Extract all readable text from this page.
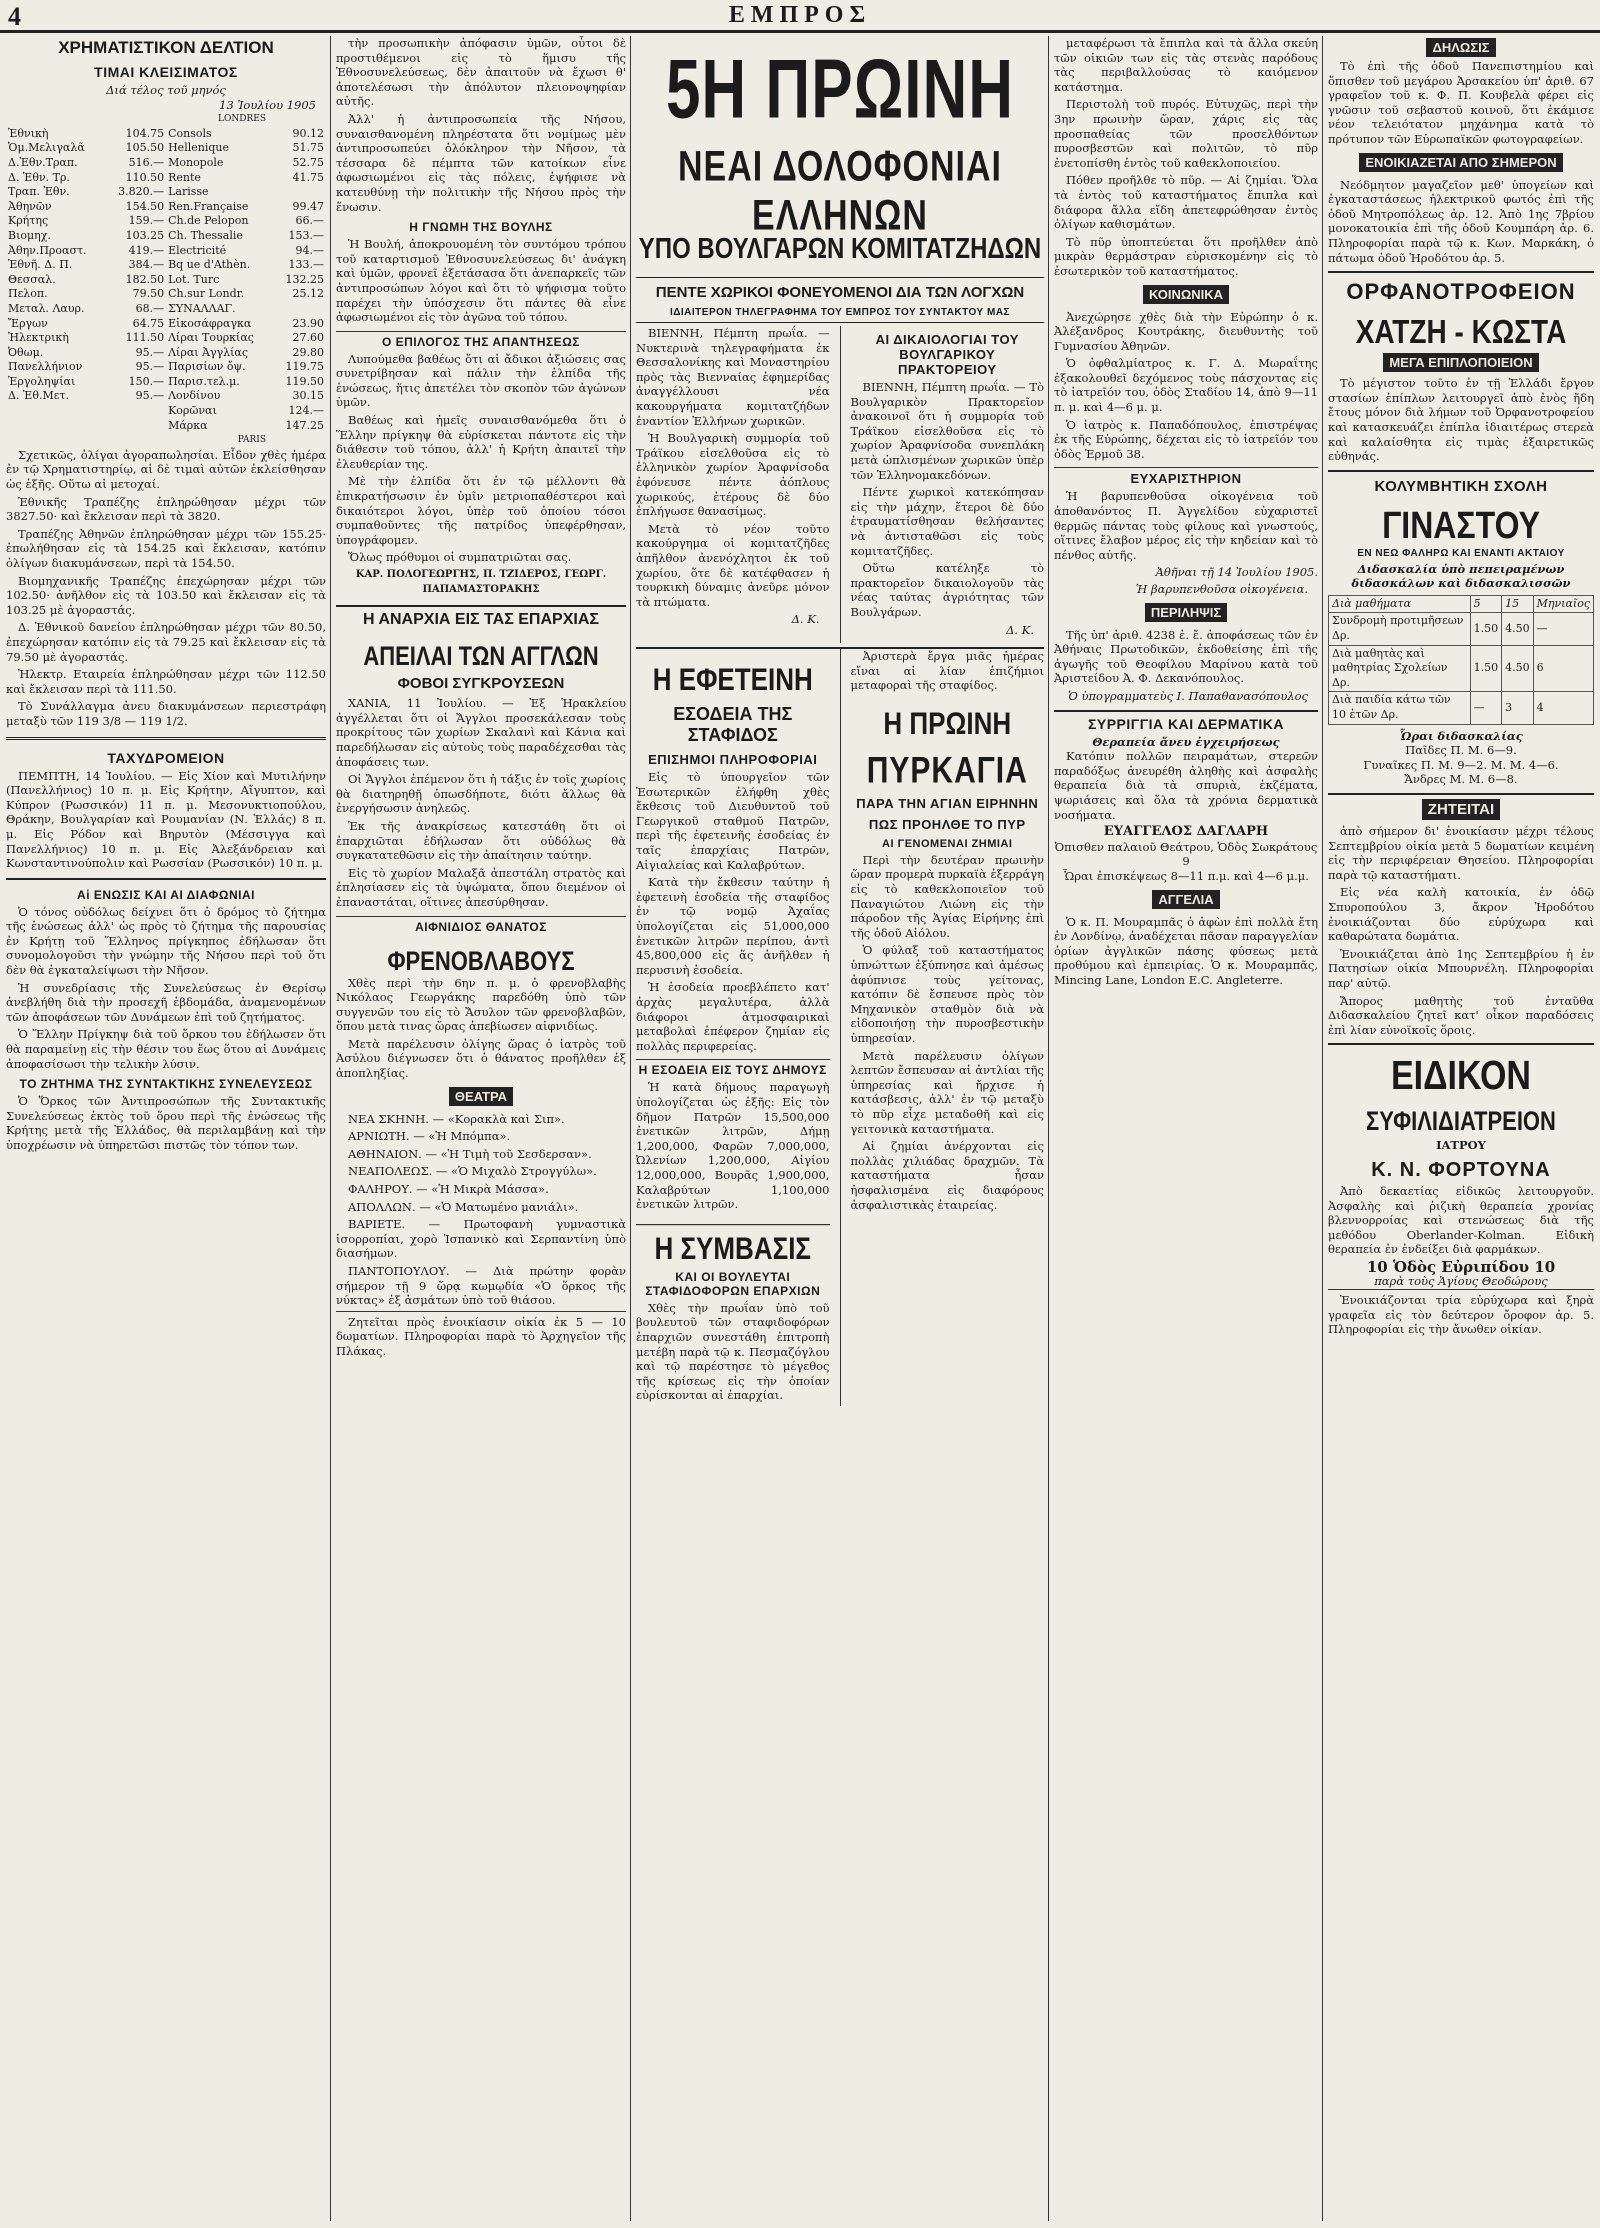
4	ΕΜΠΡΟΣ
ΧΡΗΜΑΤΙΣΤΙΚΟΝ ΔΕΛΤΙΟΝ
ΤΙΜΑΙ ΚΛΕΙΣΙΜΑΤΟΣ
Διά τέλος τοῦ μηνός
13 Ἰουλίου 1905
LONDRES
Ἐθνικὴ	104.75	Consols	90.12
Ὁμ.Μελιγαλᾶ	105.50	Hellenique	51.75
Δ.Ἐθν.Τραπ.	516.—	Monopole	52.75
Δ. Ἐθν. Τρ.	110.50	Rente	41.75
Τραπ. Ἐθν.	3.820.—	Larisse	
Ἀθηνῶν	154.50	Ren.Française	99.47
Κρήτης	159.—	Ch.de Pelopon	66.—
Βιομηχ.	103.25	Ch. Thessalie	153.—
Ἀθην.Προαστ.	419.—	Electricité	94.—
Ἐθνῆ. Δ. Π.	384.—	Bq ue d'Athèn.	133.—
Θεσσαλ.	182.50	Lot. Turc	132.25
Πελοπ.	79.50	Ch.sur Londr.	25.12
Μεταλ. Λαυρ.	68.—	ΣΥΝΑΛΛΑΓ.	
Ἔργων	64.75	Εἰκοσάφραγκα	23.90
Ἠλεκτρικὴ	111.50	Λίραι Τουρκίας	27.60
Ὀθωμ.	95.—	Λίραι Ἀγγλίας	29.80
Πανελλήνιον	95.—	Παρισίων ὄψ.	119.75
Ἐργοληψίαι	150.—	Παρισ.τελ.μ.	119.50
Δ. Ἐθ.Μετ.	95.—	Λονδίνου	30.15
		Κορῶναι	124.—
		Μάρκα	147.25
PARIS

Σχετικῶς, ὀλίγαι ἀγοραπωλησίαι. Εἶδον χθὲς ἡμέρα ἐν τῷ Χρηματιστηρίῳ, αἱ δὲ τιμαὶ αὐτῶν ἐκλείσθησαν ὡς ἑξῆς. Οὕτω αἱ μετοχαί.

Ἐθνικῆς Τραπέζης ἐπληρώθησαν μέχρι τῶν 3827.50· καὶ ἔκλεισαν περὶ τὰ 3820.

Τραπέζης Ἀθηνῶν ἐπληρώθησαν μέχρι τῶν 155.25· ἐπωλήθησαν εἰς τὰ 154.25 καὶ ἔκλεισαν, κατόπιν ὀλίγων διακυμάνσεων, περὶ τὰ 154.50.

Βιομηχανικῆς Τραπέζης ἐπεχώρησαν μέχρι τῶν 102.50· ἀνῆλθον εἰς τὰ 103.50 καὶ ἔκλεισαν εἰς τὰ 103.25 μὲ ἀγοραστάς.

Δ. Ἐθνικοῦ δανείου ἐπληρώθησαν μέχρι τῶν 80.50, ἐπεχώρησαν κατόπιν εἰς τὰ 79.25 καὶ ἔκλεισαν εἰς τὰ 79.50 μὲ ἀγοραστάς.

Ἠλεκτρ. Εταιρεία ἐπληρώθησαν μέχρι τῶν 112.50 καὶ ἔκλεισαν περὶ τὰ 111.50.

Τὸ Συνάλλαγμα ἀνευ διακυμάνσεων περιεστράφη μεταξὺ τῶν 119 3/8 — 119 1/2.

ΤΑΧΥΔΡΟΜΕΙΟΝ

ΠΕΜΠΤΗ, 14 Ἰουλίου. — Εἰς Χίον καὶ Μυτιλήνην (Πανελλήνιος) 10 π. μ. Εἰς Κρήτην, Αἴγυπτον, καὶ Κύπρον (Ρωσσικόν) 11 π. μ. Μεσονυκτιοπούλου, Θράκην, Βουλγαρίαν καὶ Ρουμανίαν (Ν. Ἑλλάς) 8 π. μ. Εἰς Ρόδον καὶ Βηρυτὸν (Μέσσιγγα καὶ Πανελλήνιος) 10 π. μ. Εἰς Ἀλεξάνδρειαν καὶ Κωνσταντινούπολιν καὶ Ρωσσίαν (Ρωσσικόν) 10 π. μ.

Αἱ ΕΝΩΣΙΣ ΚΑΙ ΑΙ ΔΙΑΦΩΝΙΑΙ

Ὁ τόνος οὐδόλως δείχνει ὅτι ὁ δρόμος τὸ ζήτημα τῆς ἑνώσεως ἀλλ' ὡς πρὸς τὸ ζήτημα τῆς παρουσίας ἐν Κρήτῃ τοῦ Ἕλληνος πρίγκηπος ἐδήλωσαν ὅτι συνομολογοῦσι τὴν γνώμην τῆς Νήσου περὶ τοῦ ὅτι δὲν θὰ ἐγκαταλείψωσι τὴν Νῆσον.

Ἡ συνεδρίασις τῆς Συνελεύσεως ἐν Θερίσῳ ἀνεβλήθη διὰ τὴν προσεχῆ ἑβδομάδα, ἀναμενομένων τῶν ἀποφάσεων τῶν Δυνάμεων ἐπὶ τοῦ ζητήματος.

Ὁ Ἕλλην Πρίγκηψ διὰ τοῦ ὅρκου του ἐδήλωσεν ὅτι θὰ παραμείνῃ εἰς τὴν θέσιν του ἕως ὅτου αἱ Δυνάμεις ἀποφασίσωσι τὴν τελικὴν λύσιν.

ΤΟ ΖΗΤΗΜΑ ΤΗΣ ΣΥΝΤΑΚΤΙΚΗΣ ΣΥΝΕΛΕΥΣΕΩΣ

Ὁ Ὅρκος τῶν Ἀντιπροσώπων τῆς Συντακτικῆς Συνελεύσεως ἐκτὸς τοῦ ὅρου περὶ τῆς ἐνώσεως τῆς Κρήτης μετὰ τῆς Ἑλλάδος, θὰ περιλαμβάνῃ καὶ τὴν ὑποχρέωσιν νὰ ὑπηρετῶσι πιστῶς τὸν τόπον των.

τὴν προσωπικὴν ἀπόφασιν ὑμῶν, οὗτοι δὲ προστιθέμενοι εἰς τὸ ἥμισυ τῆς Ἐθνοσυνελεύσεως, δὲν ἀπαιτοῦν νὰ ἔχωσι θ' ἀποτελέσωσι τὴν ἀπόλυτον πλειονοψηφίαν αὐτῆς.

Ἀλλ' ἡ ἀντιπροσωπεία τῆς Νήσου, συναισθανομένη πληρέστατα ὅτι νομίμως μὲν ἀντιπροσωπεύει ὁλόκληρον τὴν Νῆσον, τὰ τέσσαρα δὲ πέμπτα τῶν κατοίκων εἶνε ἀφωσιωμένοι εἰς τὰς πόλεις, ἐψήφισε νὰ κατευθύνῃ τὴν πολιτικὴν τῆς Νήσου πρὸς τὴν ἕνωσιν.

Η ΓΝΩΜΗ ΤΗΣ ΒΟΥΛΗΣ

Ἡ Βουλή, ἀποκρουομένη τὸν συντόμου τρόπου τοῦ καταρτισμοῦ Ἐθνοσυνελεύσεως δι' ἀνάγκη καὶ ὑμῶν, φρονεῖ ἐξετάσασα ὅτι ἀνεπαρκεῖς τῶν ἀντιπροσώπων λόγοι καὶ ὅτι τὸ ψήφισμα τοῦτο παρέχει τὴν ὑπόσχεσιν ὅτι πάντες θὰ εἶνε ἀφωσιωμένοι εἰς τὸν ἀγῶνα τοῦ τόπου.

Ο ΕΠΙΛΟΓΟΣ ΤΗΣ ΑΠΑΝΤΗΣΕΩΣ

Λυπούμεθα βαθέως ὅτι αἱ ἄδικοι ἀξιώσεις σας συνετρίβησαν καὶ πάλιν τὴν ἐλπίδα τῆς ἑνώσεως, ἥτις ἀπετέλει τὸν σκοπὸν τῶν ἀγώνων ὑμῶν.

Βαθέως καὶ ἡμεῖς συναισθανόμεθα ὅτι ὁ Ἕλλην πρίγκηψ θὰ εὑρίσκεται πάντοτε εἰς τὴν διάθεσιν τοῦ τόπου, ἀλλ' ἡ Κρήτη ἀπαιτεῖ τὴν ἐλευθερίαν της.

Μὲ τὴν ἐλπίδα ὅτι ἐν τῷ μέλλοντι θὰ ἐπικρατήσωσιν ἐν ὑμῖν μετριοπαθέστεροι καὶ δικαιότεροι λόγοι, ὑπὲρ τοῦ ὁποίου τόσοι συμπαθοῦντες τῆς πατρίδος ὑπεφέρθησαν, ὑπογράφομεν.

Ὅλως πρόθυμοι οἱ συμπατριῶται σας.

ΚΑΡ. ΠΟΛΟΓΕΩΡΓΗΣ, Π. ΤΖΙΔΕΡΟΣ, ΓΕΩΡΓ. ΠΑΠΑΜΑΣΤΟΡΑΚΗΣ
Η ΑΝΑΡΧΙΑ ΕΙΣ ΤΑΣ ΕΠΑΡΧΙΑΣ
ΑΠΕΙΛΑΙ ΤΩΝ ΑΓΓΛΩΝ
ΦΟΒΟΙ ΣΥΓΚΡΟΥΣΕΩΝ

ΧΑΝΙΑ, 11 Ἰουλίου. — Ἐξ Ἡρακλείου ἀγγέλλεται ὅτι οἱ Ἄγγλοι προσεκάλεσαν τοὺς προκρίτους τῶν χωρίων Σκαλανὶ καὶ Κάνια καὶ παρεδήλωσαν εἰς αὐτοὺς τοὺς παραδέχεσθαι τὰς ἀποφάσεις των.

Οἱ Ἄγγλοι ἐπέμενον ὅτι ἡ τάξις ἐν τοῖς χωρίοις θὰ διατηρηθῇ ὁπωσδήποτε, διότι ἄλλως θὰ ἐνεργήσωσιν ἀνηλεῶς.

Ἐκ τῆς ἀνακρίσεως κατεστάθη ὅτι οἱ ἐπαρχιῶται ἐδήλωσαν ὅτι οὐδόλως θὰ συγκατατεθῶσιν εἰς τὴν ἀπαίτησιν ταύτην.

Εἰς τὸ χωρίον Μαλαξᾶ ἀπεστάλη στρατὸς καὶ ἐπλησίασεν εἰς τὰ ὑψώματα, ὅπου διεμένον οἱ ἐπαναστάται, οἵτινες ἀπεσύρθησαν.

ΑΙΦΝΙΔΙΟΣ ΘΑΝΑΤΟΣ
ΦΡΕΝΟΒΛΑΒΟΥΣ

Χθὲς περὶ τὴν 6ην π. μ. ὁ φρενοβλαβὴς Νικόλαος Γεωργάκης παρεδόθη ὑπὸ τῶν συγγενῶν του εἰς τὸ Ἄσυλον τῶν φρενοβλαβῶν, ὅπου μετὰ τινας ὥρας ἀπεβίωσεν αἰφνιδίως.

Μετὰ παρέλευσιν ὀλίγης ὥρας ὁ ἰατρὸς τοῦ Ἀσύλου διέγνωσεν ὅτι ὁ θάνατος προῆλθεν ἐξ ἀποπληξίας.

ΘΕΑΤΡΑ

ΝΕΑ ΣΚΗΝΗ. — «Κορακλὰ καὶ Σιπ».

ΑΡΝΙΩΤΗ. — «Ἡ Μπόμπα».

ΑΘΗΝΑΙΟΝ. — «Ἡ Τιμὴ τοῦ Σεσδερσαν».

ΝΕΑΠΟΛΕΩΣ. — «Ὁ Μιχαλὸ Στρογγύλω».

ΦΑΛΗΡΟΥ. — «Ἡ Μικρὰ Μάσσα».

ΑΠΟΛΛΩΝ. — «Ὁ Ματωμένο μανιάλι».

ΒΑΡΙΕΤΕ. — Πρωτοφανὴ γυμναστικὰ ἰσορροπίαι, χορὸ Ἰσπανικὸ καὶ Σερπαντίνη ὑπὸ διασήμων.

ΠΑΝΤΟΠΟΥΛΟΥ. — Διὰ πρώτην φορὰν σήμερον τῇ 9 ὥρᾳ κωμῳδία «Ὁ ὅρκος τῆς νύκτας» ἐξ ἀσμάτων ὑπὸ τοῦ θιάσου.

Ζητεῖται πρὸς ἐνοικίασιν οἰκία ἐκ 5 — 10 δωματίων. Πληροφορίαι παρὰ τὸ Ἀρχηγεῖον τῆς Πλάκας.

5Η ΠΡΩΙΝΗ
ΝΕΑΙ ΔΟΛΟΦΟΝΙΑΙ ΕΛΛΗΝΩΝ
ΥΠΟ ΒΟΥΛΓΑΡΩΝ ΚΟΜΙΤΑΤΖΗΔΩΝ
ΠΕΝΤΕ ΧΩΡΙΚΟΙ ΦΟΝΕΥΟΜΕΝΟΙ ΔΙΑ ΤΩΝ ΛΟΓΧΩΝ
ΙΔΙΑΙΤΕΡΟΝ ΤΗΛΕΓΡΑΦΗΜΑ ΤΟΥ ΕΜΠΡΟΣ ΤΟΥ ΣΥΝΤΑΚΤΟΥ ΜΑΣ

ΒΙΕΝΝΗ, Πέμπτη πρωΐα. — Νυκτερινὰ τηλεγραφήματα ἐκ Θεσσαλονίκης καὶ Μοναστηρίου πρὸς τὰς Βιενναίας ἐφημερίδας ἀναγγέλλουσι νέα κακουργήματα κομιτατζήδων ἐναντίον Ἑλλήνων χωρικῶν.

Ἡ Βουλγαρικὴ συμμορία τοῦ Τράϊκου εἰσελθοῦσα εἰς τὸ ἑλληνικὸν χωρίον Ἀραφνίσοδα ἐφόνευσε πέντε ἀόπλους χωρικούς, ἑτέρους δὲ δύο ἐπλήγωσε θανασίμως.

Μετὰ τὸ νέον τοῦτο κακούργημα οἱ κομιτατζῆδες ἀπῆλθον ἀνενόχλητοι ἐκ τοῦ χωρίου, ὅτε δὲ κατέφθασεν ἡ τουρκικὴ δύναμις ἀνεῦρε μόνον τὰ πτώματα.

Δ. Κ.
ΑΙ ΔΙΚΑΙΟΛΟΓΙΑΙ ΤΟΥ ΒΟΥΛΓΑΡΙΚΟΥ ΠΡΑΚΤΟΡΕΙΟΥ

ΒΙΕΝΝΗ, Πέμπτη πρωΐα. — Τὸ Βουλγαρικὸν Πρακτορεῖον ἀνακοινοῖ ὅτι ἡ συμμορία τοῦ Τράϊκου εἰσελθοῦσα εἰς τὸ χωρίον Ἀραφνίσοδα συνεπλάκη μετὰ ὡπλισμένων χωρικῶν ὑπὲρ τῶν Ἑλληνομακεδόνων.

Πέντε χωρικοὶ κατεκόπησαν εἰς τὴν μάχην, ἕτεροι δὲ δύο ἐτραυματίσθησαν θελήσαντες νὰ ἀντισταθῶσι εἰς τοὺς κομιτατζῆδες.

Οὕτω κατέληξε τὸ πρακτορεῖον δικαιολογοῦν τὰς νέας ταύτας ἀγριότητας τῶν Βουλγάρων.

Δ. Κ.
Η ΕΦΕΤΕΙΝΗ
ΕΣΟΔΕΙΑ ΤΗΣ ΣΤΑΦΙΔΟΣ
ΕΠΙΣΗΜΟΙ ΠΛΗΡΟΦΟΡΙΑΙ

Εἰς τὸ ὑπουργεῖον τῶν Ἐσωτερικῶν ἐλήφθη χθὲς ἔκθεσις τοῦ Διευθυντοῦ τοῦ Γεωργικοῦ σταθμοῦ Πατρῶν, περὶ τῆς ἐφετεινῆς ἐσοδείας ἐν ταῖς ἐπαρχίαις Πατρῶν, Αἰγιαλείας καὶ Καλαβρύτων.

Κατὰ τὴν ἔκθεσιν ταύτην ἡ ἐφετεινὴ ἐσοδεία τῆς σταφίδος ἐν τῷ νομῷ Ἀχαΐας ὑπολογίζεται εἰς 51,000,000 ἐνετικῶν λιτρῶν περίπου, ἀντὶ 45,800,000 εἰς ἅς ἀνῆλθεν ἡ περυσινὴ ἐσοδεία.

Ἡ ἐσοδεία προεβλέπετο κατ' ἀρχὰς μεγαλυτέρα, ἀλλὰ διάφοροι ἀτμοσφαιρικαὶ μεταβολαὶ ἐπέφερον ζημίαν εἰς πολλὰς περιφερείας.

Η ΕΣΟΔΕΙΑ ΕΙΣ ΤΟΥΣ ΔΗΜΟΥΣ

Ἡ κατὰ δήμους παραγωγὴ ὑπολογίζεται ὡς ἑξῆς: Εἰς τὸν δῆμον Πατρῶν 15,500,000 ἐνετικῶν λιτρῶν, Δήμῃ 1,200,000, Φαρῶν 7,000,000, Ὠλενίων 1,200,000, Αἰγίου 12,000,000, Βουρᾶς 1,900,000, Καλαβρύτων 1,100,000 ἐνετικῶν λιτρῶν.

Η ΣΥΜΒΑΣΙΣ
ΚΑΙ ΟΙ ΒΟΥΛΕΥΤΑΙ ΣΤΑΦΙΔΟΦΟΡΩΝ ΕΠΑΡΧΙΩΝ

Χθὲς τὴν πρωΐαν ὑπὸ τοῦ βουλευτοῦ τῶν σταφιδοφόρων ἐπαρχιῶν συνεστάθη ἐπιτροπὴ μετέβη παρὰ τῷ κ. Πεσμαζόγλου καὶ τῷ παρέστησε τὸ μέγεθος τῆς κρίσεως εἰς τὴν ὁποίαν εὑρίσκονται αἱ ἐπαρχίαι.

Ἀριστερὰ ἔργα μιᾶς ἡμέρας εἴναι αἱ λίαν ἐπιζήμιοι μεταφοραὶ τῆς σταφίδος.

Η ΠΡΩΙΝΗ
ΠΥΡΚΑΓΙΑ
ΠΑΡΑ ΤΗΝ ΑΓΙΑΝ ΕΙΡΗΝΗΝ
ΠΩΣ ΠΡΟΗΛΘΕ ΤΟ ΠΥΡ
ΑΙ ΓΕΝΟΜΕΝΑΙ ΖΗΜΙΑΙ

Περὶ τὴν δευτέραν πρωινὴν ὥραν προμερὰ πυρκαϊὰ ἐξερράγη εἰς τὸ καθεκλοποιεῖον τοῦ Παναγιώτου Λιώνη εἰς τὴν πάροδον τῆς Ἁγίας Εἰρήνης ἐπὶ τῆς ὁδοῦ Αἰόλου.

Ὁ φύλαξ τοῦ καταστήματος ὑπνώττων ἐξύπνησε καὶ ἀμέσως ἀφύπνισε τοὺς γείτονας, κατόπιν δὲ ἔσπευσε πρὸς τὸν Μηχανικὸν σταθμὸν διὰ νὰ εἰδοποιήσῃ τὴν πυροσβεστικὴν ὑπηρεσίαν.

Μετὰ παρέλευσιν ὀλίγων λεπτῶν ἔσπευσαν αἱ ἀντλίαι τῆς ὑπηρεσίας καὶ ἤρχισε ἡ κατάσβεσις, ἀλλ' ἐν τῷ μεταξὺ τὸ πῦρ εἶχε μεταδοθῆ καὶ εἰς γειτονικὰ καταστήματα.

Αἱ ζημίαι ἀνέρχονται εἰς πολλὰς χιλιάδας δραχμῶν. Τὰ καταστήματα ἦσαν ἠσφαλισμένα εἰς διαφόρους ἀσφαλιστικὰς ἑταιρείας.

μεταφέρωσι τὰ ἔπιπλα καὶ τὰ ἄλλα σκεύη τῶν οἰκιῶν των εἰς τὰς στενὰς παρόδους τὰς περιβαλλούσας τὸ καιόμενον κατάστημα.

Περιστολὴ τοῦ πυρός. Εὐτυχῶς, περὶ τὴν 3ην πρωινὴν ὥραν, χάρις εἰς τὰς προσπαθείας τῶν προσελθόντων πυροσβεστῶν καὶ πολιτῶν, τὸ πῦρ ἐνετοπίσθη ἐντὸς τοῦ καθεκλοποιείου.

Πόθεν προῆλθε τὸ πῦρ. — Αἱ ζημίαι. Ὅλα τὰ ἐντὸς τοῦ καταστήματος ἔπιπλα καὶ διάφορα ἄλλα εἴδη ἀπετεφρώθησαν ἐντὸς ὀλίγων καθισμάτων.

Τὸ πῦρ ὑποπτεύεται ὅτι προῆλθεν ἀπὸ μικρὰν θερμάστραν εὑρισκομένην εἰς τὸ ἐσωτερικὸν τοῦ καταστήματος.

ΚΟΙΝΩΝΙΚΑ

Ἀνεχώρησε χθὲς διὰ τὴν Εὐρώπην ὁ κ. Ἀλέξανδρος Κουτράκης, διευθυντὴς τοῦ Γυμνασίου Ἀθηνῶν.

Ὁ ὀφθαλμίατρος κ. Γ. Δ. Μωραΐτης ἐξακολουθεῖ δεχόμενος τοὺς πάσχοντας εἰς τὸ ἰατρεῖόν του, ὁδὸς Σταδίου 14, ἀπὸ 9—11 π. μ. καὶ 4—6 μ. μ.

Ὁ ἰατρὸς κ. Παπαδόπουλος, ἐπιστρέψας ἐκ τῆς Εὐρώπης, δέχεται εἰς τὸ ἰατρεῖόν του ὁδὸς Ἑρμοῦ 38.

ΕΥΧΑΡΙΣΤΗΡΙΟΝ

Ἡ βαρυπενθοῦσα οἰκογένεια τοῦ ἀποθανόντος Π. Ἀγγελίδου εὐχαριστεῖ θερμῶς πάντας τοὺς φίλους καὶ γνωστούς, οἵτινες ἔλαβον μέρος εἰς τὴν κηδείαν καὶ τὸ πένθος αὐτῆς.

Ἀθῆναι τῇ 14 Ἰουλίου 1905.
Ἡ βαρυπενθοῦσα οἰκογένεια.
ΠΕΡΙΛΗΨΙΣ

Τῆς ὑπ' ἀριθ. 4238 ἐ. ἔ. ἀποφάσεως τῶν ἐν Ἀθήναις Πρωτοδικῶν, ἐκδοθείσης ἐπὶ τῆς ἀγωγῆς τοῦ Θεοφίλου Μαρίνου κατὰ τοῦ Ἀριστείδου Ἀ. Φ. Δεκανόπουλος.

Ὁ ὑπογραμματεὺς Ι. Παπαθανασόπουλος
ΣΥΡΡΙΓΓΙΑ ΚΑΙ ΔΕΡΜΑΤΙΚΑ
Θεραπεία ἄνευ ἐγχειρήσεως

Κατόπιν πολλῶν πειραμάτων, στερεῶν παραδόξως ἀνευρέθη ἀληθὴς καὶ ἀσφαλὴς θεραπεία διὰ τὰ σπυριὰ, ἐκζέματα, ψωριάσεις καὶ ὅλα τὰ χρόνια δερματικὰ νοσήματα.

ΕΥΑΓΓΕΛΟΣ ΔΑΓΛΑΡΗ
Ὀπισθεν παλαιοῦ Θεάτρου, Ὁδὸς Σωκράτους 9
Ὧραι ἐπισκέψεως 8—11 π.μ. καὶ 4—6 μ.μ.
ΑΓΓΕΛΙΑ

Ὁ κ. Π. Μουραμπᾶς ὁ ἀφὼν ἐπὶ πολλὰ ἔτη ἐν Λονδίνῳ, ἀναδέχεται πᾶσαν παραγγελίαν ὁρίων ἀγγλικῶν πάσης φύσεως μετὰ προθύμου καὶ ἐμπειρίας. Ὁ κ. Μουραμπᾶς, Mincing Lane, London E.C. Angleterre.

ΔΗΛΩΣΙΣ

Τὸ ἐπὶ τῆς ὁδοῦ Πανεπιστημίου καὶ ὅπισθεν τοῦ μεγάρου Ἀρσακείου ὑπ' ἀριθ. 67 γραφεῖον τοῦ κ. Φ. Π. Κουβελὰ φέρει εἰς γνῶσιν τοῦ σεβαστοῦ κοινοῦ, ὅτι ἐκάμισε νέον τελειότατον μηχάνημα κατὰ τὸ πρότυπον τῶν Εὐρωπαϊκῶν φωτογραφείων.

ΕΝΟΙΚΙΑΖΕΤΑΙ ΑΠΟ ΣΗΜΕΡΟΝ

Νεόδμητον μαγαζεῖον μεθ' ὑπογείων καὶ ἐγκαταστάσεως ἠλεκτρικοῦ φωτός ἐπὶ τῆς ὁδοῦ Μητροπόλεως ἀρ. 12. Ἀπὸ 1ης 7βρίου μονοκατοικία ἐπὶ τῆς ὁδοῦ Κουμπάρη ἀρ. 6. Πληροφορίαι παρὰ τῷ κ. Κων. Μαρκάκη, ὁ πάτωμα ὁδοῦ Ἡροδότου ἀρ. 5.

ΟΡΦΑΝΟΤΡΟΦΕΙΟΝ
ΧΑΤΖΗ - ΚΩΣΤΑ
ΜΕΓΑ ΕΠΙΠΛΟΠΟΙΕΙΟΝ

Τὸ μέγιστον τοῦτο ἐν τῇ Ἑλλάδι ἔργον στασίων ἐπίπλων λειτουργεῖ ἀπὸ ἐνὸς ἤδη ἔτους μόνον διὰ λήμων τοῦ Ὀρφανοτροφείου καὶ κατασκευάζει ἐπίπλα ἰδιαιτέρως στερεὰ καὶ καλαίσθητα εἰς τιμὰς ἐξαιρετικῶς εὐθηνάς.

ΚΟΛΥΜΒΗΤΙΚΗ ΣΧΟΛΗ
ΓΙΝΑΣΤΟΥ
ΕΝ ΝΕΩ ΦΑΛΗΡΩ ΚΑΙ ΕΝΑΝΤΙ ΑΚΤΑΙΟΥ
Διδασκαλία ὑπὸ πεπειραμένων διδασκάλων καὶ διδασκαλισσῶν
Διὰ μαθήματα	5	15	Μηνιαῖος
Συνδρομὴ προτιμῆσεων Δρ.	1.50	4.50	—
Διὰ μαθητὰς καὶ μαθητρίας Σχολείων Δρ.	1.50	4.50	6
Διὰ παιδία κάτω τῶν 10 ἐτῶν Δρ.	—	3	4
Ὧραι διδασκαλίας
Παῖδες Π. Μ. 6—9.
Γυναῖκες Π. Μ. 9—2. Μ. Μ. 4—6.
Ἄνδρες Μ. Μ. 6—8.
ΖΗΤΕΙΤΑΙ

ἀπὸ σήμερον δι' ἐνοικίασιν μέχρι τέλους Σεπτεμβρίου οἰκία μετὰ 5 δωματίων κειμένη εἰς τὴν περιφέρειαν Θησείου. Πληροφορίαι παρὰ τῷ καταστήματι.

Εἰς νέα καλὴ κατοικία, ἐν ὁδῷ Σπυροπούλου 3, ἄκρον Ἡροδότου ἐνοικιάζονται δύο εὐρύχωρα καὶ καθαρώτατα δωμάτια.

Ἐνοικιάζεται ἀπὸ 1ης Σεπτεμβρίου ἡ ἐν Πατησίων οἰκία Μπουρνέλη. Πληροφορίαι παρ' αὐτῷ.

Ἄπορος μαθητὴς τοῦ ἐνταῦθα Διδασκαλείου ζητεῖ κατ' οἶκον παραδόσεις ἐπὶ λίαν εὐνοϊκοῖς ὅροις.

ΕΙΔΙΚΟΝ
ΣΥΦΙΛΙΔΙΑΤΡΕΙΟΝ
ΙΑΤΡΟΥ
Κ. Ν. ΦΟΡΤΟΥΝΑ

Ἀπὸ δεκαετίας εἰδικῶς λειτουργοῦν. Ἀσφαλὴς καὶ ῥιζικὴ θεραπεία χρονίας βλεννορροίας καὶ στενώσεως διὰ τῆς μεθόδου Oberlander-Kolman. Εἰδικὴ θεραπεία ἐν ἐνδείξει διὰ φαρμάκων.

10 Ὁδὸς Εὐριπίδου 10
παρὰ τοὺς Ἁγίους Θεοδώρους

Ἐνοικιάζονται τρία εὐρύχωρα καὶ ξηρὰ γραφεῖα εἰς τὸν δεύτερον ὄροφον ἀρ. 5. Πληροφορίαι εἰς τὴν ἄνωθεν οἰκίαν.
